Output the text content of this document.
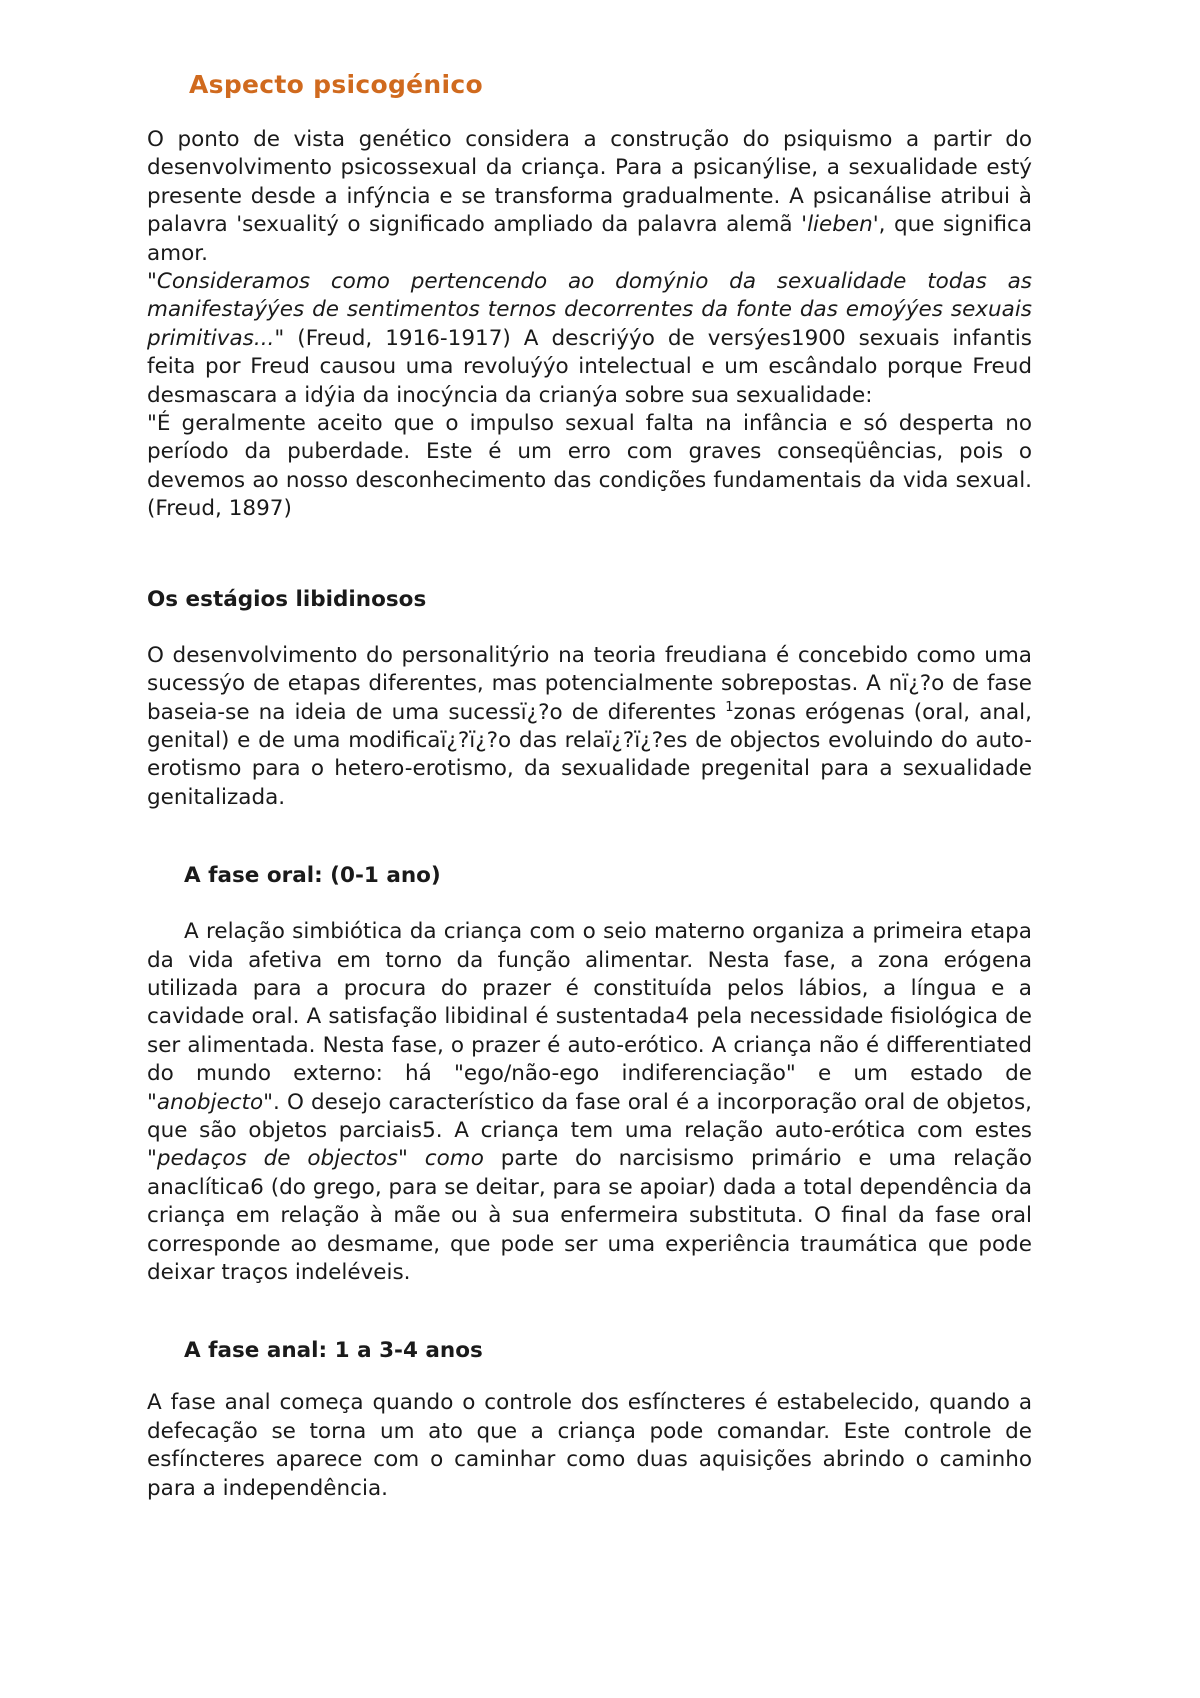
Aspecto psicogénico

O ponto de vista genético considera a construção do psiquismo a partir do desenvolvimento psicossexual da criança. Para a psicanýlise, a sexualidade estý presente desde a infýncia e se transforma gradualmente. A psicanálise atribui à palavra 'sexualitý o significado ampliado da palavra alemã 'lieben', que significa amor.
"Consideramos como pertencendo ao domýnio da sexualidade todas as manifestaýýes de sentimentos ternos decorrentes da fonte das emoýýes sexuais primitivas..." (Freud, 1916-1917) A descriýýo de versýes1900 sexuais infantis feita por Freud causou uma revoluýýo intelectual e um escândalo porque Freud desmascara a idýia da inocýncia da crianýa sobre sua sexualidade:
"É geralmente aceito que o impulso sexual falta na infância e só desperta no período da puberdade. Este é um erro com graves conseqüências, pois o devemos ao nosso desconhecimento das condições fundamentais da vida sexual. (Freud, 1897)

Os estágios libidinosos

O desenvolvimento do personalitýrio na teoria freudiana é concebido como uma sucessýo de etapas diferentes, mas potencialmente sobrepostas. A nï¿?o de fase baseia-se na ideia de uma sucessï¿?o de diferentes $^1$zonas erógenas (oral, anal, genital) e de uma modificaï¿?ï¿?o das relaï¿?ï¿?es de objectos evoluindo do auto-erotismo para o hetero-erotismo, da sexualidade pregenital para a sexualidade genitalizada.

A fase oral: (0-1 ano)

A relação simbiótica da criança com o seio materno organiza a primeira etapa da vida afetiva em torno da função alimentar. Nesta fase, a zona erógena utilizada para a procura do prazer é constituída pelos lábios, a língua e a cavidade oral. A satisfação libidinal é sustentada4 pela necessidade fisiológica de ser alimentada. Nesta fase, o prazer é auto-erótico. A criança não é differentiated do mundo externo: há "ego/não-ego indiferenciação" e um estado de "anobjecto". O desejo característico da fase oral é a incorporação oral de objetos, que são objetos parciais5. A criança tem uma relação auto-erótica com estes "pedaços de objectos" como parte do narcisismo primário e uma relação anaclítica6 (do grego, para se deitar, para se apoiar) dada a total dependência da criança em relação à mãe ou à sua enfermeira substituta. O final da fase oral corresponde ao desmame, que pode ser uma experiência traumática que pode deixar traços indeléveis.

A fase anal: 1 a 3-4 anos

A fase anal começa quando o controle dos esfíncteres é estabelecido, quando a defecação se torna um ato que a criança pode comandar. Este controle de esfíncteres aparece com o caminhar como duas aquisições abrindo o caminho para a independência.
